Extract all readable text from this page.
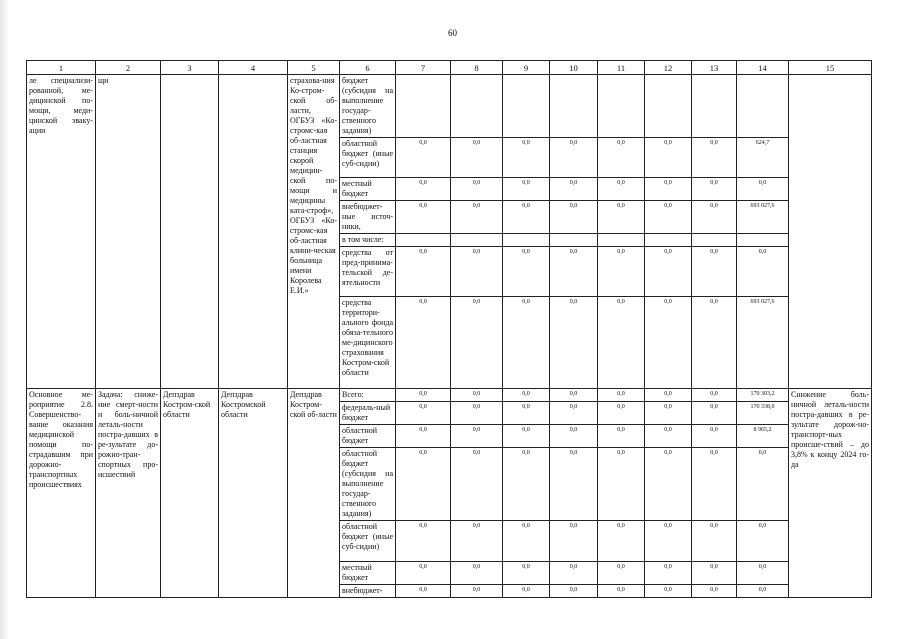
60
1	2	3	4	5	6	7	8	9	10	11	12	13	14	15
ле специализи-рованной, ме-дицинской по-мощи, меди-цинской эваку-ации	щи			страхова-ния Ко-стром-ской об-ласти, ОГБУЗ «Ко-стромс-кая об-ластная станция скорой медицин-ской по-мощи и медицины ката-строф», ОГБУЗ «Ко-стромс-кая об-ластная клини-ческая больница имени Королева Е.И.»	бюджет (субсидия на выполнение государ-ственного задания)									
					областной бюджет (иные суб-сидии)	0,0	0,0	0,0	0,0	0,0	0,0	0,0	624,7	
					местный бюджет	0,0	0,0	0,0	0,0	0,0	0,0	0,0	0,0	
					внебюджет-ные источ-ники,	0,0	0,0	0,0	0,0	0,0	0,0	0,0	693 027,6	
					в том числе:									
					средства от пред-принима-тельской де-ятельности	0,0	0,0	0,0	0,0	0,0	0,0	0,0	0,0	
					средства территори-ального фонда обяза-тельного ме-дицинского страхования Костром-ской области	0,0	0,0	0,0	0,0	0,0	0,0	0,0	693 027,6	
Основное ме-роприятие 2.8. Совершенство-вание оказания медицинской помощи по-страдавшим при дорожно-транспортных происшествиях	Задача: сниже-ние смерт-ности и боль-ничной леталь-ности постра-давших в ре-зультате до-рожно-тран-спортных про-исшествий	Депздрав Костром-ской области	Депздрав Костромской области	Депздрав Костром-ской об-ласти	Всего:	0,0	0,0	0,0	0,0	0,0	0,0	0,0	179 303,2	Снижение боль-ничной леталь-ности постра-давших в ре-зультате дорож-но-транспорт-ных происше-ствий – до 3,8% к концу 2024 го-да
					федераль-ный бюджет	0,0	0,0	0,0	0,0	0,0	0,0	0,0	170 338,0	
					областной бюджет	0,0	0,0	0,0	0,0	0,0	0,0	0,0	8 965,2	
					областной бюджет (субсидия на выполнение государ-ственного задания)	0,0	0,0	0,0	0,0	0,0	0,0	0,0	0,0	
					областной бюджет (иные суб-сидии)	0,0	0,0	0,0	0,0	0,0	0,0	0,0	0,0	
					местный бюджет	0,0	0,0	0,0	0,0	0,0	0,0	0,0	0,0	
					внебюджет-	0,0	0,0	0,0	0,0	0,0	0,0	0,0	0,0	
